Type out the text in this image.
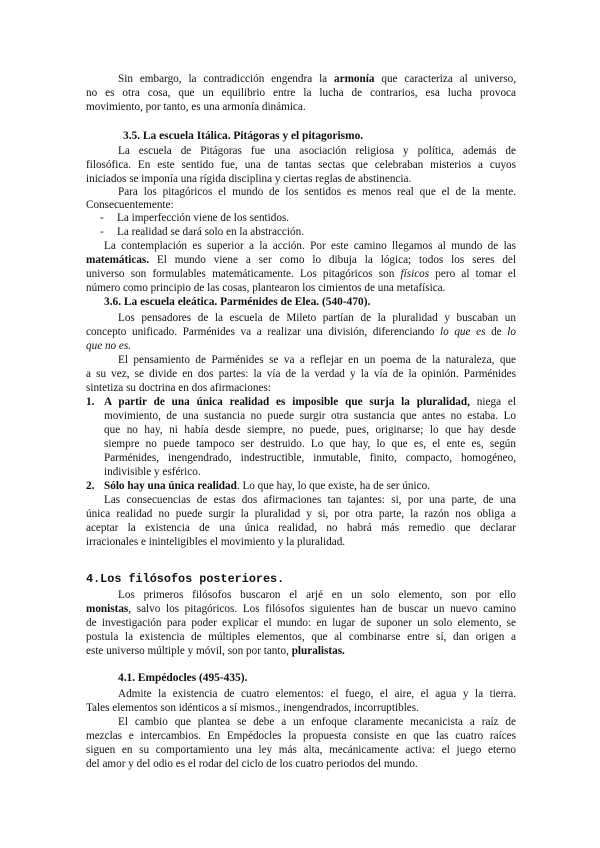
Sin embargo, la contradicción engendra la armonía que caracteriza al universo,

no es otra cosa, que un equilibrio entre la lucha de contrarios, esa lucha provoca

movimiento, por tanto, es una armonía dinámica.

3.5. La escuela Itálica. Pitágoras y el pitagorismo.

La escuela de Pitágoras fue una asociación religiosa y política, además de

filosófica. En este sentido fue, una de tantas sectas que celebraban misterios a cuyos

iniciados se imponía una rígida disciplina y ciertas reglas de abstinencia.

Para los pitagóricos el mundo de los sentidos es menos real que el de la mente.

Consecuentemente:

- La imperfección viene de los sentidos.

- La realidad se dará solo en la abstracción.

La contemplación es superior a la acción. Por este camino llegamos al mundo de las

matemáticas. El mundo viene a ser como lo dibuja la lógica; todos los seres del

universo son formulables matemáticamente. Los pitagóricos son físicos pero al tomar el

número como principio de las cosas, plantearon los cimientos de una metafísica.

3.6. La escuela eleática. Parménides de Elea. (540-470).

Los pensadores de la escuela de Mileto partían de la pluralidad y buscaban un

concepto unificado. Parménides va a realizar una división, diferenciando lo que es de lo

que no es.

El pensamiento de Parménides se va a reflejar en un poema de la naturaleza, que

a su vez, se divide en dos partes: la vía de la verdad y la vía de la opinión. Parménides

sintetiza su doctrina en dos afirmaciones:

1. A partir de una única realidad es imposible que surja la pluralidad, niega el

movimiento, de una sustancia no puede surgir otra sustancia que antes no estaba. Lo

que no hay, ni había desde siempre, no puede, pues, originarse; lo que hay desde

siempre no puede tampoco ser destruido. Lo que hay, lo que es, el ente es, según

Parménides, inengendrado, indestructible, inmutable, finito, compacto, homogéneo,

indivisible y esférico.

2. Sólo hay una única realidad. Lo que hay, lo que existe, ha de ser único.

Las consecuencias de estas dos afirmaciones tan tajantes: si, por una parte, de una

única realidad no puede surgir la pluralidad y si, por otra parte, la razón nos obliga a

aceptar la existencia de una única realidad, no habrá más remedio que declarar

irracionales e ininteligibles el movimiento y la pluralidad.

4.Los filósofos posteriores.

Los primeros filósofos buscaron el arjé en un solo elemento, son por ello

monistas, salvo los pitagóricos. Los filósofos siguientes han de buscar un nuevo camino

de investigación para poder explicar el mundo: en lugar de suponer un solo elemento, se

postula la existencia de múltiples elementos, que al combinarse entre sí, dan origen a

este universo múltiple y móvil, son por tanto, pluralistas.

4.1. Empédocles (495-435).

Admite la existencia de cuatro elementos: el fuego, el aire, el agua y la tierra.

Tales elementos son idénticos a sí mismos., inengendrados, incorruptibles.

El cambio que plantea se debe a un enfoque claramente mecanicista a raíz de

mezclas e intercambios. En Empédocles la propuesta consiste en que las cuatro raíces

siguen en su comportamiento una ley más alta, mecánicamente activa: el juego eterno

del amor y del odio es el rodar del ciclo de los cuatro periodos del mundo.
